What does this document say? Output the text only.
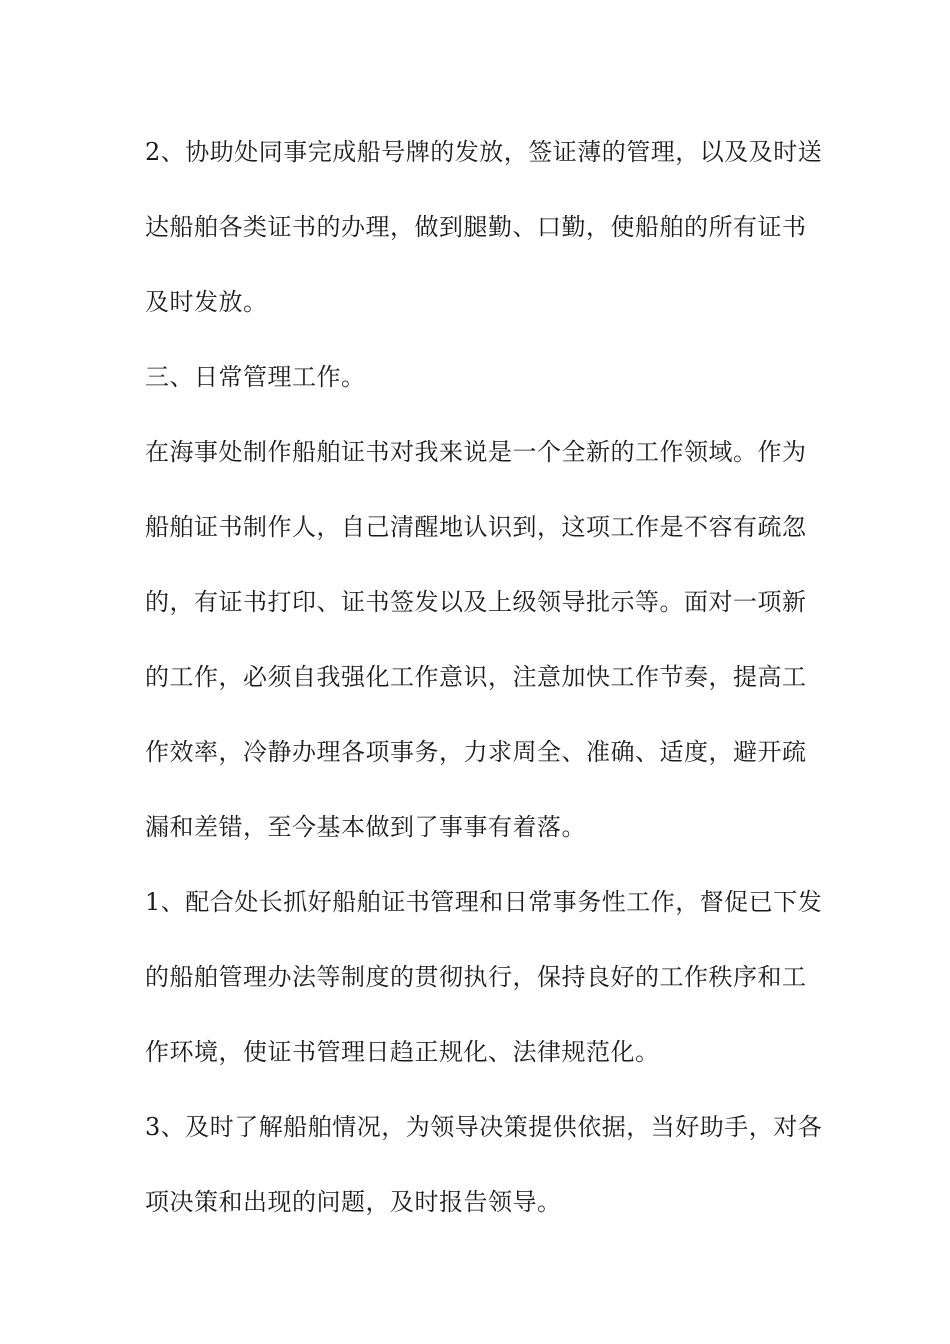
2、协助处同事完成船号牌的发放，签证薄的管理，以及及时送
达船舶各类证书的办理，做到腿勤、口勤，使船舶的所有证书
及时发放。
三、日常管理工作。
在海事处制作船舶证书对我来说是一个全新的工作领域。作为
船舶证书制作人，自己清醒地认识到，这项工作是不容有疏忽
的，有证书打印、证书签发以及上级领导批示等。面对一项新
的工作，必须自我强化工作意识，注意加快工作节奏，提高工
作效率，冷静办理各项事务，力求周全、准确、适度，避开疏
漏和差错，至今基本做到了事事有着落。
1、配合处长抓好船舶证书管理和日常事务性工作，督促已下发
的船舶管理办法等制度的贯彻执行，保持良好的工作秩序和工
作环境，使证书管理日趋正规化、法律规范化。
3、及时了解船舶情况，为领导决策提供依据，当好助手，对各
项决策和出现的问题，及时报告领导。
